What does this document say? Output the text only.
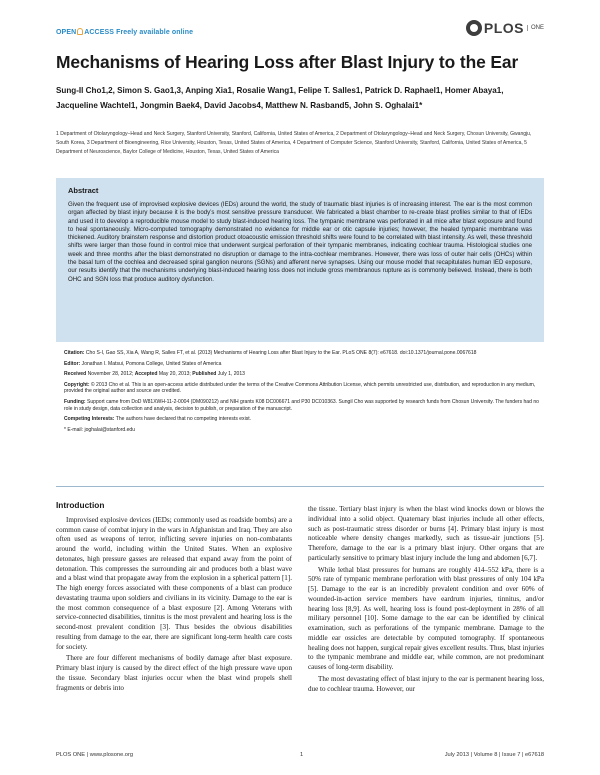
OPEN ACCESS Freely available online	PLOS	ONE
Mechanisms of Hearing Loss after Blast Injury to the Ear
Sung-Il Cho1,2, Simon S. Gao1,3, Anping Xia1, Rosalie Wang1, Felipe T. Salles1, Patrick D. Raphael1, Homer Abaya1, Jacqueline Wachtel1, Jongmin Baek4, David Jacobs4, Matthew N. Rasband5, John S. Oghalai1*
1 Department of Otolaryngology–Head and Neck Surgery, Stanford University, Stanford, California, United States of America, 2 Department of Otolaryngology–Head and Neck Surgery, Chosun University, Gwangju, South Korea, 3 Department of Bioengineering, Rice University, Houston, Texas, United States of America, 4 Department of Computer Science, Stanford University, Stanford, California, United States of America, 5 Department of Neuroscience, Baylor College of Medicine, Houston, Texas, United States of America
Abstract
Given the frequent use of improvised explosive devices (IEDs) around the world, the study of traumatic blast injuries is of increasing interest. The ear is the most common organ affected by blast injury because it is the body’s most sensitive pressure transducer. We fabricated a blast chamber to re-create blast profiles similar to that of IEDs and used it to develop a reproducible mouse model to study blast-induced hearing loss. The tympanic membrane was perforated in all mice after blast exposure and found to heal spontaneously. Micro-computed tomography demonstrated no evidence for middle ear or otic capsule injuries; however, the healed tympanic membrane was thickened. Auditory brainstem response and distortion product otoacoustic emission threshold shifts were found to be correlated with blast intensity. As well, these threshold shifts were larger than those found in control mice that underwent surgical perforation of their tympanic membranes, indicating cochlear trauma. Histological studies one week and three months after the blast demonstrated no disruption or damage to the intra-cochlear membranes. However, there was loss of outer hair cells (OHCs) within the basal turn of the cochlea and decreased spiral ganglion neurons (SGNs) and afferent nerve synapses. Using our mouse model that recapitulates human IED exposure, our results identify that the mechanisms underlying blast-induced hearing loss does not include gross membranous rupture as is commonly believed. Instead, there is both OHC and SGN loss that produce auditory dysfunction.

Citation: Cho S-I, Gao SS, Xia A, Wang R, Salles FT, et al. (2013) Mechanisms of Hearing Loss after Blast Injury to the Ear. PLoS ONE 8(7): e67618. doi:10.1371/journal.pone.0067618

Editor: Jonathan I. Matsui, Pomona College, United States of America

Received November 28, 2012; Accepted May 20, 2013; Published July 1, 2013

Copyright: © 2013 Cho et al. This is an open-access article distributed under the terms of the Creative Commons Attribution License, which permits unrestricted use, distribution, and reproduction in any medium, provided the original author and source are credited.

Funding: Support came from DoD W81XWH-11-2-0004 (DM090212) and NIH grants K08 DC006671 and P30 DC010363. Sungil Cho was supported by research funds from Chosun University. The funders had no role in study design, data collection and analysis, decision to publish, or preparation of the manuscript.

Competing Interests: The authors have declared that no competing interests exist.

* E-mail: joghalai@stanford.edu

Introduction

Improvised explosive devices (IEDs; commonly used as roadside bombs) are a common cause of combat injury in the wars in Afghanistan and Iraq. They are also often used as weapons of terror, inflicting severe injuries on non-combatants around the world, including within the United States. When an explosive detonates, high pressure gasses are released that expand away from the point of detonation. This compresses the surrounding air and produces both a blast wave and a blast wind that propagate away from the explosion in a spherical pattern [1]. The high energy forces associated with these components of a blast can produce devastating trauma upon soldiers and civilians in its vicinity. Damage to the ear is the most common consequence of a blast exposure [2]. Among Veterans with service-connected disabilities, tinnitus is the most prevalent and hearing loss is the second-most prevalent condition [3]. Thus besides the obvious disabilities resulting from damage to the ear, there are significant long-term health care costs for society.

There are four different mechanisms of bodily damage after blast exposure. Primary blast injury is caused by the direct effect of the high pressure wave upon the tissue. Secondary blast injuries occur when the blast wind propels shell fragments or debris into

the tissue. Tertiary blast injury is when the blast wind knocks down or blows the individual into a solid object. Quaternary blast injuries include all other effects, such as post-traumatic stress disorder or burns [4]. Primary blast injury is most noticeable where density changes markedly, such as tissue-air junctions [5]. Therefore, damage to the ear is a primary blast injury. Other organs that are particularly sensitive to primary blast injury include the lung and abdomen [6,7].

While lethal blast pressures for humans are roughly 414–552 kPa, there is a 50% rate of tympanic membrane perforation with blast pressures of only 104 kPa [5]. Damage to the ear is an incredibly prevalent condition and over 60% of wounded-in-action service members have eardrum injuries, tinnitus, and/or hearing loss [8,9]. As well, hearing loss is found post-deployment in 28% of all military personnel [10]. Some damage to the ear can be identified by clinical examination, such as perforations of the tympanic membrane. Damage to the middle ear ossicles are detectable by computed tomography. If spontaneous healing does not happen, surgical repair gives excellent results. Thus, blast injuries to the tympanic membrane and middle ear, while common, are not predominant causes of long-term disability.

The most devastating effect of blast injury to the ear is permanent hearing loss, due to cochlear trauma. However, our

PLOS ONE | www.plosone.org	1	July 2013 | Volume 8 | Issue 7 | e67618
